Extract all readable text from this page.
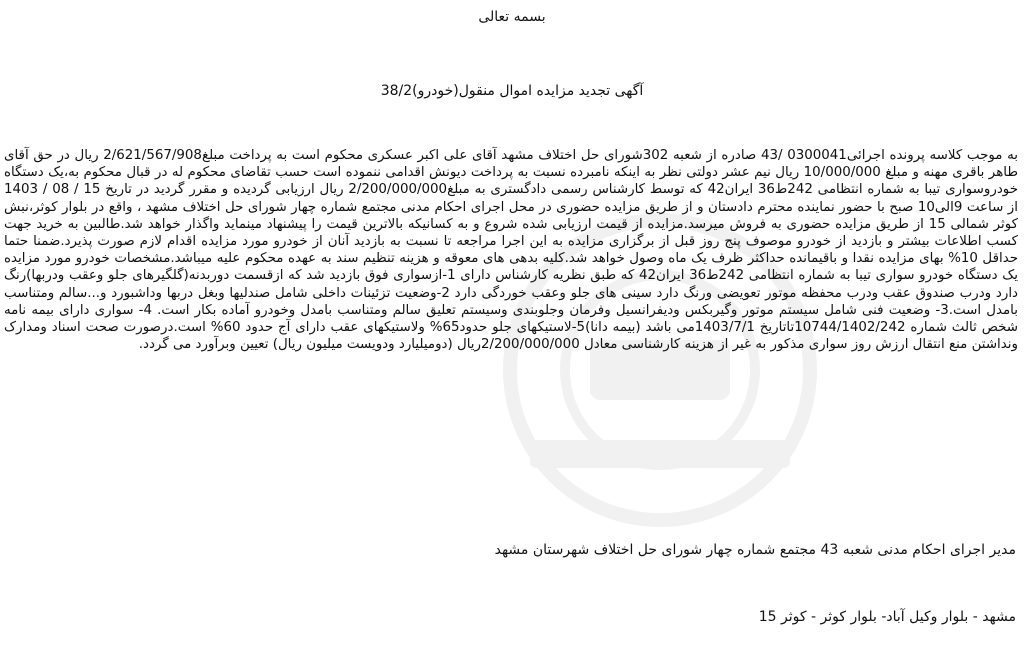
بسمه تعالی
آگهی تجدید مزایده اموال منقول(خودرو)38/2
به موجب کلاسه پرونده اجرائی0300041 /43 صادره از شعبه 302شورای حل اختلاف مشهد آقای علی اکبر عسکری محکوم است به پرداخت مبلغ2/621/567/908 ریال در حق آقای طاهر باقری مهنه و مبلغ 10/000/000 ریال نیم عشر دولتی نظر به اینکه نامبرده نسبت به پرداخت دیونش اقدامی ننموده است حسب تقاضای محکوم له در قبال محکوم به،یک دستگاه خودروسواری تیبا به شماره انتظامی 242ط36 ایران42 که توسط کارشناس رسمی دادگستری به مبلغ2/200/000/000 ریال ارزیابی گردیده و مقرر گردید در تاریخ 15 / 08 / 1403 از ساعت 9الی10 صبح با حضور نماینده محترم دادستان و از طریق مزایده حضوری در محل اجرای احکام مدنی مجتمع شماره چهار شورای حل اختلاف مشهد ، واقع در بلوار کوثر،نبش کوثر شمالی 15 از طریق مزایده حضوری به فروش میرسد.مزایده از قیمت ارزیابی شده شروع و به کسانیکه بالاترین قیمت را پیشنهاد مینماید واگذار خواهد شد.طالبین به خرید جهت کسب اطلاعات بیشتر و بازدید از خودرو موصوف پنج روز قبل از برگزاری مزایده به این اجرا مراجعه تا نسبت به بازدید آنان از خودرو مورد مزایده اقدام لازم صورت پذیرد.ضمنا حتما حداقل 10% بهای مزایده نقدا و باقیمانده حداکثر ظرف یک ماه وصول خواهد شد.کلیه بدهی های معوقه و هزینه تنظیم سند به عهده محکوم علیه میباشد.مشخصات خودرو مورد مزایده یک دستگاه خودرو سواری تیبا به شماره انتظامی 242ط36 ایران42 که طبق نظریه کارشناس دارای 1-ازسواری فوق بازدید شد که ازقسمت دوربدنه(گلگیرهای جلو وعقب ودربها)رنگ دارد ودرب صندوق عقب ودرب محفظه موتور تعویضی ورنگ دارد سینی های جلو وعقب خوردگی دارد 2-وضعیت تزئینات داخلی شامل صندلیها وبغل دربها وداشبورد و...سالم ومتناسب بامدل است.3- وضعیت فنی شامل سیستم موتور وگیربکس ودیفرانسیل وفرمان وجلوبندی وسیستم تعلیق سالم ومتناسب بامدل وخودرو آماده بکار است. 4- سواری دارای بیمه نامه شخص ثالث شماره 10744/1402/242تاتاریخ 1403/7/1می باشد (بیمه دانا)5-لاستیکهای جلو حدود65% ولاستیکهای عقب دارای آج حدود 60% است.درصورت صحت اسناد ومدارک ونداشتن منع انتقال ارزش روز سواری مذکور به غیر از هزینه کارشناسی معادل 2/200/000/000ریال (دومیلیارد ودویست میلیون ریال) تعیین وبرآورد می گردد.
مدیر اجرای احکام مدنی شعبه 43 مجتمع شماره چهار شورای حل اختلاف شهرستان مشهد
مشهد - بلوار وکیل آباد- بلوار کوثر - کوثر 15
